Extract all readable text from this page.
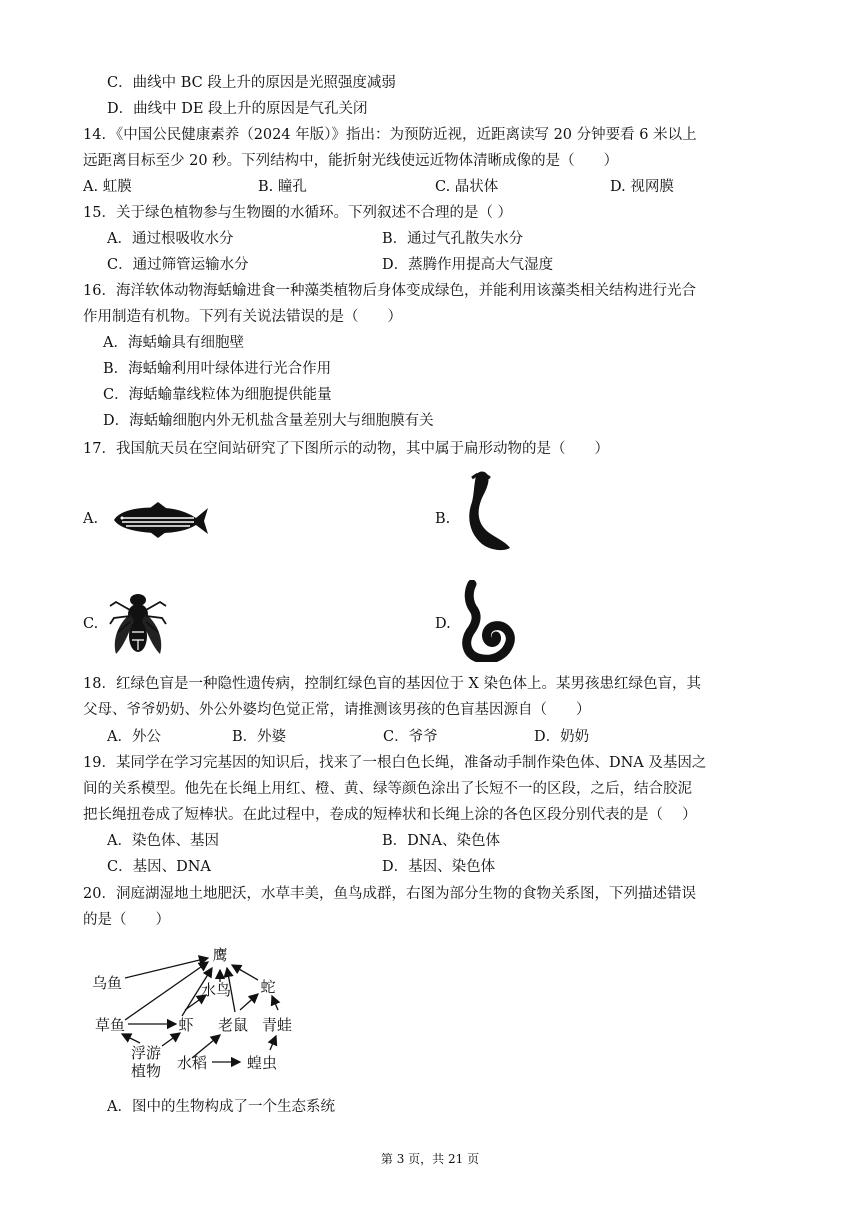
C．曲线中 BC 段上升的原因是光照强度减弱
D．曲线中 DE 段上升的原因是气孔关闭
14．《中国公民健康素养（2024 年版）》指出：为预防近视，近距离读写 20 分钟要看 6 米以上
远距离目标至少 20 秒。下列结构中，能折射光线使远近物体清晰成像的是（　　）
A. 虹膜	B. 瞳孔	C. 晶状体	D. 视网膜
15．关于绿色植物参与生物圈的水循环。下列叙述不合理的是（ ）
A．通过根吸收水分	B．通过气孔散失水分
C．通过筛管运输水分	D．蒸腾作用提高大气湿度
16．海洋软体动物海蛞蝓进食一种藻类植物后身体变成绿色，并能利用该藻类相关结构进行光合
作用制造有机物。下列有关说法错误的是（　　）
A．海蛞蝓具有细胞壁
B．海蛞蝓利用叶绿体进行光合作用
C．海蛞蝓靠线粒体为细胞提供能量
D．海蛞蝓细胞内外无机盐含量差别大与细胞膜有关
17．我国航天员在空间站研究了下图所示的动物，其中属于扁形动物的是（　　）
A.	B.
C.	D.
18．红绿色盲是一种隐性遗传病，控制红绿色盲的基因位于 X 染色体上。某男孩患红绿色盲，其
父母、爷爷奶奶、外公外婆均色觉正常，请推测该男孩的色盲基因源自（　　）
A．外公	B．外婆	C．爷爷	D．奶奶
19．某同学在学习完基因的知识后，找来了一根白色长绳，准备动手制作染色体、DNA 及基因之
间的关系模型。他先在长绳上用红、橙、黄、绿等颜色涂出了长短不一的区段，之后，结合胶泥
把长绳扭卷成了短棒状。在此过程中，卷成的短棒状和长绳上涂的各色区段分别代表的是（　 ）
A．染色体、基因	B．DNA、染色体
C．基因、DNA	D．基因、染色体
20．洞庭湖湿地土地肥沃，水草丰美，鱼鸟成群，右图为部分生物的食物关系图，下列描述错误
的是（　　）
鹰
蛇
乌鱼	水鸟
草鱼	虾 老鼠 青蛙
浮游
植物 水稻	蝗虫
A．图中的生物构成了一个生态系统
第 3 页，共 21 页
